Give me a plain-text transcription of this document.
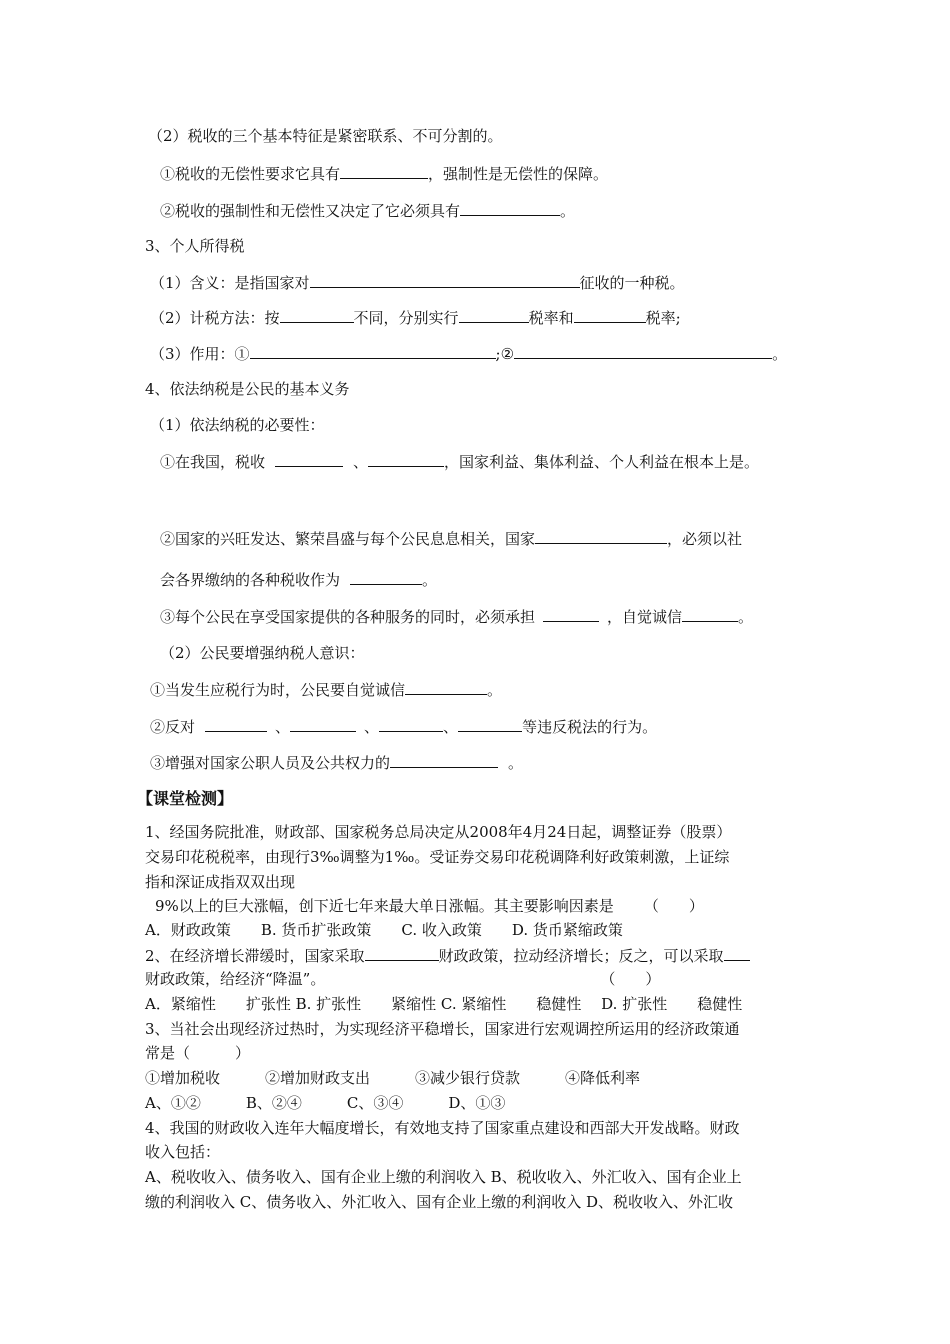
（2）税收的三个基本特征是紧密联系、不可分割的。
①税收的无偿性要求它具有	，强制性是无偿性的保障。
②税收的强制性和无偿性又决定了它必须具有	。
3、个人所得税
（1）含义：是指国家对	征收的一种税。
（2）计税方法：按	不同，分别实行	税率和	税率;
（3）作用：①	;②	。
4、依法纳税是公民的基本义务
（1）依法纳税的必要性：
①在我国，税收	、	，国家利益、集体利益、个人利益在根本上是。
②国家的兴旺发达、繁荣昌盛与每个公民息息相关，国家	，必须以社
会各界缴纳的各种税收作为	。
③每个公民在享受国家提供的各种服务的同时，必须承担	，自觉诚信	。
（2）公民要增强纳税人意识：
①当发生应税行为时，公民要自觉诚信	。
②反对	、	、	、	等违反税法的行为。
③增强对国家公职人员及公共权力的	。
【课堂检测】
1、经国务院批准，财政部、国家税务总局决定从2008年4月24日起，调整证券（股票）
交易印花税税率，由现行3‰调整为1‰。受证券交易印花税调降利好政策刺激，上证综
指和深证成指双双出现
9%以上的巨大涨幅，创下近七年来最大单日涨幅。其主要影响因素是 （　　）
A．财政政策　　B. 货币扩张政策　　C. 收入政策　　D. 货币紧缩政策
2、在经济增长滞缓时，国家采取	财政政策，拉动经济增长；反之，可以采取
财政政策，给经济“降温”。	（　　）
A．紧缩性　　扩张性 B. 扩张性　　紧缩性 C. 紧缩性　　稳健性　 D. 扩张性　　稳健性
3、当社会出现经济过热时，为实现经济平稳增长，国家进行宏观调控所运用的经济政策通
常是（　　　）
①增加税收　　　②增加财政支出　　　③减少银行贷款　　　④降低利率
A、①②　　　B、②④　　　C、③④　　　D、①③
4、我国的财政收入连年大幅度增长，有效地支持了国家重点建设和西部大开发战略。财政
收入包括：
A、税收收入、债务收入、国有企业上缴的利润收入 B、税收收入、外汇收入、国有企业上
缴的利润收入 C、债务收入、外汇收入、国有企业上缴的利润收入 D、税收收入、外汇收
